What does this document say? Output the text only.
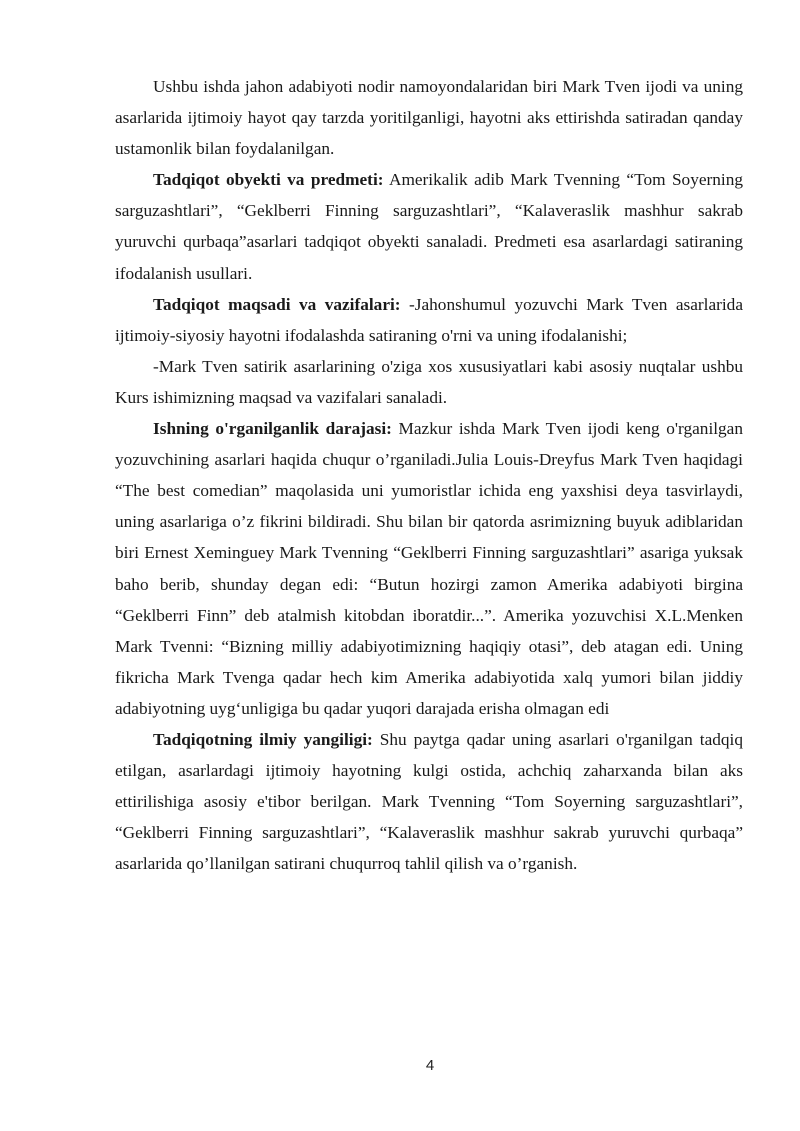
Ushbu ishda jahon adabiyoti nodir namoyondalaridan biri Mark Tven ijodi va uning asarlarida ijtimoiy hayot qay tarzda yoritilganligi, hayotni aks ettirishda satiradan qanday ustamonlik bilan foydalanilgan.

Tadqiqot obyekti va predmeti: Amerikalik adib Mark Tvenning “Tom Soyerning sarguzashtlari”, “Geklberri Finning sarguzashtlari”, “Kalaveraslik mashhur sakrab yuruvchi qurbaqa”asarlari tadqiqot obyekti sanaladi. Predmeti esa asarlardagi satiraning ifodalanish usullari.

Tadqiqot maqsadi va vazifalari: -Jahonshumul yozuvchi Mark Tven asarlarida ijtimoiy-siyosiy hayotni ifodalashda satiraning o'rni va uning ifodalanishi;

-Mark Tven satirik asarlarining o'ziga xos xususiyatlari kabi asosiy nuqtalar ushbu Kurs ishimizning maqsad va vazifalari sanaladi.

Ishning o'rganilganlik darajasi: Mazkur ishda Mark Tven ijodi keng o'rganilgan yozuvchining asarlari haqida chuqur o’rganiladi.Julia Louis-Dreyfus Mark Tven haqidagi “The best comedian” maqolasida uni yumoristlar ichida eng yaxshisi deya tasvirlaydi, uning asarlariga o’z fikrini bildiradi. Shu bilan bir qatorda asrimizning buyuk adiblaridan biri Ernest Xeminguey Mark Tvenning “Geklberri Finning sarguzashtlari” asariga yuksak baho berib, shunday degan edi: “Butun hozirgi zamon Amerika adabiyoti birgina “Geklberri Finn” deb atalmish kitobdan iboratdir...”. Amerika yozuvchisi X.L.Menken Mark Tvenni: “Bizning milliy adabiyotimizning haqiqiy otasi”, deb atagan edi. Uning fikricha Mark Tvenga qadar hech kim Amerika adabiyotida xalq yumori bilan jiddiy adabiyotning uyg‘unligiga bu qadar yuqori darajada erisha olmagan edi

Tadqiqotning ilmiy yangiligi: Shu paytga qadar uning asarlari o'rganilgan tadqiq etilgan, asarlardagi ijtimoiy hayotning kulgi ostida, achchiq zaharxanda bilan aks ettirilishiga asosiy e'tibor berilgan. Mark Tvenning “Tom Soyerning sarguzashtlari”, “Geklberri Finning sarguzashtlari”, “Kalaveraslik mashhur sakrab yuruvchi qurbaqa” asarlarida qo’llanilgan satirani chuqurroq tahlil qilish va o’rganish.

4
